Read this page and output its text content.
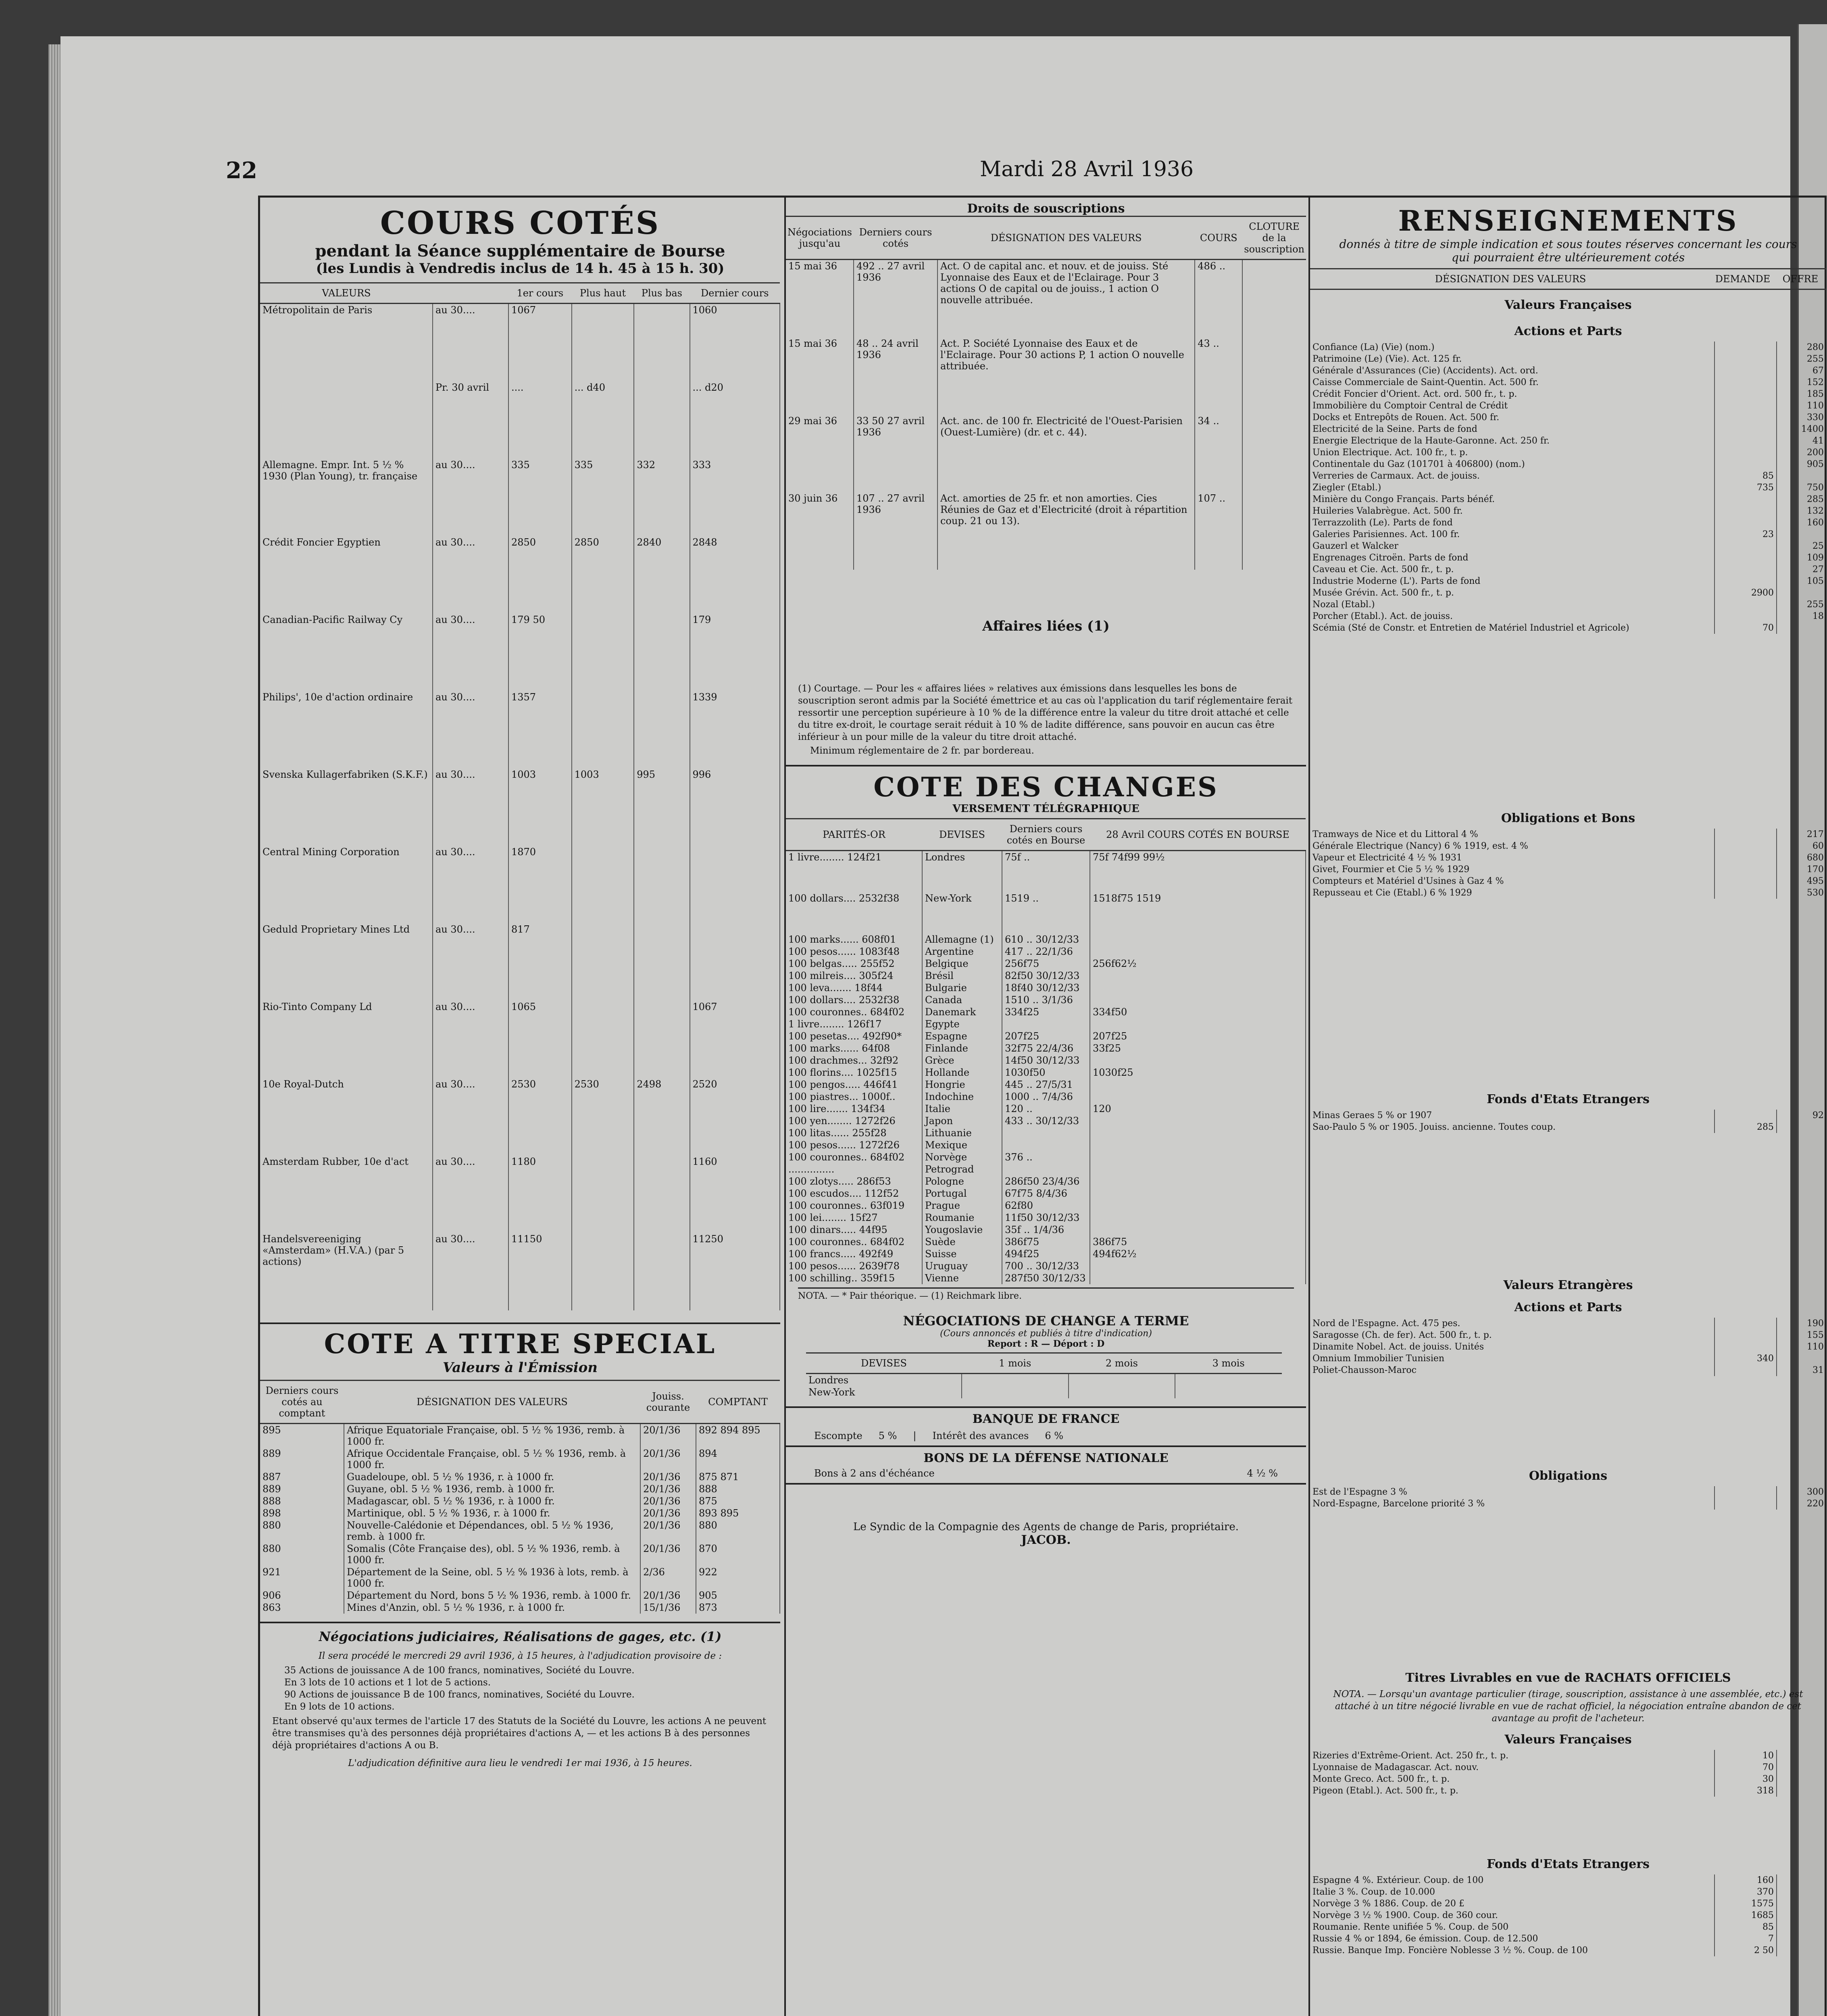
22	Mardi 28 Avril 1936
COURS COTÉS
pendant la Séance supplémentaire de Bourse
(les Lundis à Vendredis inclus de 14 h. 45 à 15 h. 30)
VALEURS		1er cours	Plus haut	Plus bas	Dernier cours
Métropolitain de Paris	au 30....	1067			1060
	Pr. 30 avril	....	... d40		... d20
Allemagne. Empr. Int. 5 ½ % 1930 (Plan Young), tr. française	au 30....	335	335	332	333
Crédit Foncier Egyptien	au 30....	2850	2850	2840	2848
Canadian-Pacific Railway Cy	au 30....	179 50			179
Philips', 10e d'action ordinaire	au 30....	1357			1339
Svenska Kullagerfabriken (S.K.F.)	au 30....	1003	1003	995	996
Central Mining Corporation	au 30....	1870			
Geduld Proprietary Mines Ltd	au 30....	817			
Rio-Tinto Company Ld	au 30....	1065			1067
10e Royal-Dutch	au 30....	2530	2530	2498	2520
Amsterdam Rubber, 10e d'act	au 30....	1180			1160
Handelsvereeniging «Amsterdam» (H.V.A.) (par 5 actions)	au 30....	11150			11250
COTE A TITRE SPECIAL
Valeurs à l'Émission
Derniers cours cotés au comptant	DÉSIGNATION DES VALEURS	Jouiss. courante	COMPTANT
895	Afrique Equatoriale Française, obl. 5 ½ % 1936, remb. à 1000 fr.	20/1/36	892 894 895
889	Afrique Occidentale Française, obl. 5 ½ % 1936, remb. à 1000 fr.	20/1/36	894
887	Guadeloupe, obl. 5 ½ % 1936, r. à 1000 fr.	20/1/36	875 871
889	Guyane, obl. 5 ½ % 1936, remb. à 1000 fr.	20/1/36	888
888	Madagascar, obl. 5 ½ % 1936, r. à 1000 fr.	20/1/36	875
898	Martinique, obl. 5 ½ % 1936, r. à 1000 fr.	20/1/36	893 895
880	Nouvelle-Calédonie et Dépendances, obl. 5 ½ % 1936, remb. à 1000 fr.	20/1/36	880
880	Somalis (Côte Française des), obl. 5 ½ % 1936, remb. à 1000 fr.	20/1/36	870
921	Département de la Seine, obl. 5 ½ % 1936 à lots, remb. à 1000 fr.	2/36	922
906	Département du Nord, bons 5 ½ % 1936, remb. à 1000 fr.	20/1/36	905
863	Mines d'Anzin, obl. 5 ½ % 1936, r. à 1000 fr.	15/1/36	873
Négociations judiciaires, Réalisations de gages, etc. (1)
Il sera procédé le mercredi 29 avril 1936, à 15 heures, à l'adjudication provisoire de :
35 Actions de jouissance A de 100 francs, nominatives, Société du Louvre.
En 3 lots de 10 actions et 1 lot de 5 actions.
90 Actions de jouissance B de 100 francs, nominatives, Société du Louvre.
En 9 lots de 10 actions.
Etant observé qu'aux termes de l'article 17 des Statuts de la Société du Louvre, les actions A ne peuvent être transmises qu'à des personnes déjà propriétaires d'actions A, — et les actions B à des personnes déjà propriétaires d'actions A ou B.
L'adjudication définitive aura lieu le vendredi 1er mai 1936, à 15 heures.
Droits de souscriptions
Négociations jusqu'au	Derniers cours cotés	DÉSIGNATION DES VALEURS	COURS	CLOTURE de la souscription
15 mai 36	492 .. 27 avril 1936	Act. O de capital anc. et nouv. et de jouiss. Sté Lyonnaise des Eaux et de l'Eclairage. Pour 3 actions O de capital ou de jouiss., 1 action O nouvelle attribuée.	486 ..	
15 mai 36	48 .. 24 avril 1936	Act. P. Société Lyonnaise des Eaux et de l'Eclairage. Pour 30 actions P, 1 action O nouvelle attribuée.	43 ..	
29 mai 36	33 50 27 avril 1936	Act. anc. de 100 fr. Electricité de l'Ouest-Parisien (Ouest-Lumière) (dr. et c. 44).	34 ..	
30 juin 36	107 .. 27 avril 1936	Act. amorties de 25 fr. et non amorties. Cies Réunies de Gaz et d'Electricité (droit à répartition coup. 21 ou 13).	107 ..	
Affaires liées (1)
(1) Courtage. — Pour les « affaires liées » relatives aux émissions dans lesquelles les bons de souscription seront admis par la Société émettrice et au cas où l'application du tarif réglementaire ferait ressortir une perception supérieure à 10 % de la différence entre la valeur du titre droit attaché et celle du titre ex-droit, le courtage serait réduit à 10 % de ladite différence, sans pouvoir en aucun cas être inférieur à un pour mille de la valeur du titre droit attaché.
Minimum réglementaire de 2 fr. par bordereau.
COTE DES CHANGES
VERSEMENT TÉLÉGRAPHIQUE
PARITÉS-OR	DEVISES	Derniers cours cotés en Bourse	28 Avril COURS COTÉS EN BOURSE
1 livre........ 124f21	Londres	75f ..	75f 74f99 99½
100 dollars.... 2532f38	New-York	1519 ..	1518f75 1519
100 marks...... 608f01	Allemagne (1)	610 .. 30/12/33	
100 pesos...... 1083f48	Argentine	417 .. 22/1/36	
100 belgas..... 255f52	Belgique	256f75	256f62½
100 milreis.... 305f24	Brésil	82f50 30/12/33	
100 leva....... 18f44	Bulgarie	18f40 30/12/33	
100 dollars.... 2532f38	Canada	1510 .. 3/1/36	
100 couronnes.. 684f02	Danemark	334f25	334f50
1 livre........ 126f17	Egypte		
100 pesetas.... 492f90*	Espagne	207f25	207f25
100 marks...... 64f08	Finlande	32f75 22/4/36	33f25
100 drachmes... 32f92	Grèce	14f50 30/12/33	
100 florins.... 1025f15	Hollande	1030f50	1030f25
100 pengos..... 446f41	Hongrie	445 .. 27/5/31	
100 piastres... 1000f..	Indochine	1000 .. 7/4/36	
100 lire....... 134f34	Italie	120 ..	120
100 yen........ 1272f26	Japon	433 .. 30/12/33	
100 litas...... 255f28	Lithuanie		
100 pesos...... 1272f26	Mexique		
100 couronnes.. 684f02	Norvège	376 ..	
...............	Petrograd		
100 zlotys..... 286f53	Pologne	286f50 23/4/36	
100 escudos.... 112f52	Portugal	67f75 8/4/36	
100 couronnes.. 63f019	Prague	62f80	
100 lei........ 15f27	Roumanie	11f50 30/12/33	
100 dinars..... 44f95	Yougoslavie	35f .. 1/4/36	
100 couronnes.. 684f02	Suède	386f75	386f75
100 francs..... 492f49	Suisse	494f25	494f62½
100 pesos...... 2639f78	Uruguay	700 .. 30/12/33	
100 schilling.. 359f15	Vienne	287f50 30/12/33	
NOTA. — * Pair théorique. — (1) Reichmark libre.
NÉGOCIATIONS DE CHANGE A TERME
(Cours annoncés et publiés à titre d'indication)
Report : R — Déport : D
DEVISES	1 mois	2 mois	3 mois
Londres			
New-York			
BANQUE DE FRANCE
Escompte 5 % | Intérêt des avances 6 %
BONS DE LA DÉFENSE NATIONALE
Bons à 2 ans d'échéance	4 ½ %
Le Syndic de la Compagnie des Agents de change de Paris, propriétaire.
JACOB.
RENSEIGNEMENTS
donnés à titre de simple indication et sous toutes réserves concernant les cours qui pourraient être ultérieurement cotés
DÉSIGNATION DES VALEURS	DEMANDE	OFFRE
Valeurs Françaises
Actions et Parts
Confiance (La) (Vie) (nom.)		280
Patrimoine (Le) (Vie). Act. 125 fr.		255
Générale d'Assurances (Cie) (Accidents). Act. ord.		67
Caisse Commerciale de Saint-Quentin. Act. 500 fr.		152
Crédit Foncier d'Orient. Act. ord. 500 fr., t. p.		185
Immobilière du Comptoir Central de Crédit		110
Docks et Entrepôts de Rouen. Act. 500 fr.		330
Electricité de la Seine. Parts de fond		1400
Energie Electrique de la Haute-Garonne. Act. 250 fr.		41
Union Electrique. Act. 100 fr., t. p.		200
Continentale du Gaz (101701 à 406800) (nom.)		905
Verreries de Carmaux. Act. de jouiss.	85	
Ziegler (Etabl.)	735	750
Minière du Congo Français. Parts bénéf.		285
Huileries Valabrègue. Act. 500 fr.		132
Terrazzolith (Le). Parts de fond		160
Galeries Parisiennes. Act. 100 fr.	23	
Gauzerl et Walcker		25
Engrenages Citroën. Parts de fond		109
Caveau et Cie. Act. 500 fr., t. p.		27
Industrie Moderne (L'). Parts de fond		105
Musée Grévin. Act. 500 fr., t. p.	2900	
Nozal (Etabl.)		255
Porcher (Etabl.). Act. de jouiss.		18
Scémia (Sté de Constr. et Entretien de Matériel Industriel et Agricole)	70	
Obligations et Bons
Tramways de Nice et du Littoral 4 %		217
Générale Electrique (Nancy) 6 % 1919, est. 4 %		60
Vapeur et Electricité 4 ½ % 1931		680
Givet, Fourmier et Cie 5 ½ % 1929		170
Compteurs et Matériel d'Usines à Gaz 4 %		495
Repusseau et Cie (Etabl.) 6 % 1929		530
Fonds d'Etats Etrangers
Minas Geraes 5 % or 1907		92
Sao-Paulo 5 % or 1905. Jouiss. ancienne. Toutes coup.	285	
Valeurs Etrangères
Actions et Parts
Nord de l'Espagne. Act. 475 pes.		190
Saragosse (Ch. de fer). Act. 500 fr., t. p.		155
Dinamite Nobel. Act. de jouiss. Unités		110
Omnium Immobilier Tunisien	340	
Poliet-Chausson-Maroc		31
Obligations
Est de l'Espagne 3 %		300
Nord-Espagne, Barcelone priorité 3 %		220
Titres Livrables en vue de RACHATS OFFICIELS
NOTA. — Lorsqu'un avantage particulier (tirage, souscription, assistance à une assemblée, etc.) est attaché à un titre négocié livrable en vue de rachat officiel, la négociation entraîne abandon de cet avantage au profit de l'acheteur.
Valeurs Françaises
Rizeries d'Extrême-Orient. Act. 250 fr., t. p.	10	
Lyonnaise de Madagascar. Act. nouv.	70	
Monte Greco. Act. 500 fr., t. p.	30	
Pigeon (Etabl.). Act. 500 fr., t. p.	318	
Fonds d'Etats Etrangers
Espagne 4 %. Extérieur. Coup. de 100	160	
Italie 3 %. Coup. de 10.000	370	
Norvège 3 % 1886. Coup. de 20 £	1575	
Norvège 3 ½ % 1900. Coup. de 360 cour.	1685	
Roumanie. Rente unifiée 5 %. Coup. de 500	85	
Russie 4 % or 1894, 6e émission. Coup. de 12.500	7	
Russie. Banque Imp. Foncière Noblesse 3 ½ %. Coup. de 100	2 50	
